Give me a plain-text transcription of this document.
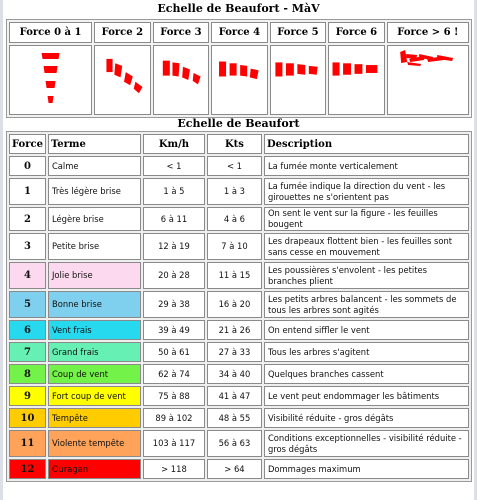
Echelle de Beaufort - MàV
Force 0 à 1	Force 2	Force 3	Force 4	Force 5	Force 6	Force > 6 !

Echelle de Beaufort
Force	Terme	Km/h	Kts	Description
0	Calme	< 1	< 1	La fumée monte verticalement
1	Très légère brise	1 à 5	1 à 3	La fumée indique la direction du vent - les girouettes ne s'orientent pas
2	Légère brise	6 à 11	4 à 6	On sent le vent sur la figure - les feuilles bougent
3	Petite brise	12 à 19	7 à 10	Les drapeaux flottent bien - les feuilles sont sans cesse en mouvement
4	Jolie brise	20 à 28	11 à 15	Les poussières s'envolent - les petites branches plient
5	Bonne brise	29 à 38	16 à 20	Les petits arbres balancent - les sommets de tous les arbres sont agités
6	Vent frais	39 à 49	21 à 26	On entend siffler le vent
7	Grand frais	50 à 61	27 à 33	Tous les arbres s'agitent
8	Coup de vent	62 à 74	34 à 40	Quelques branches cassent
9	Fort coup de vent	75 à 88	41 à 47	Le vent peut endommager les bâtiments
10	Tempête	89 à 102	48 à 55	Visibilité réduite - gros dégâts
11	Violente tempête	103 à 117	56 à 63	Conditions exceptionnelles - visibilité réduite - gros dégâts
12	Ouragan	> 118	> 64	Dommages maximum
